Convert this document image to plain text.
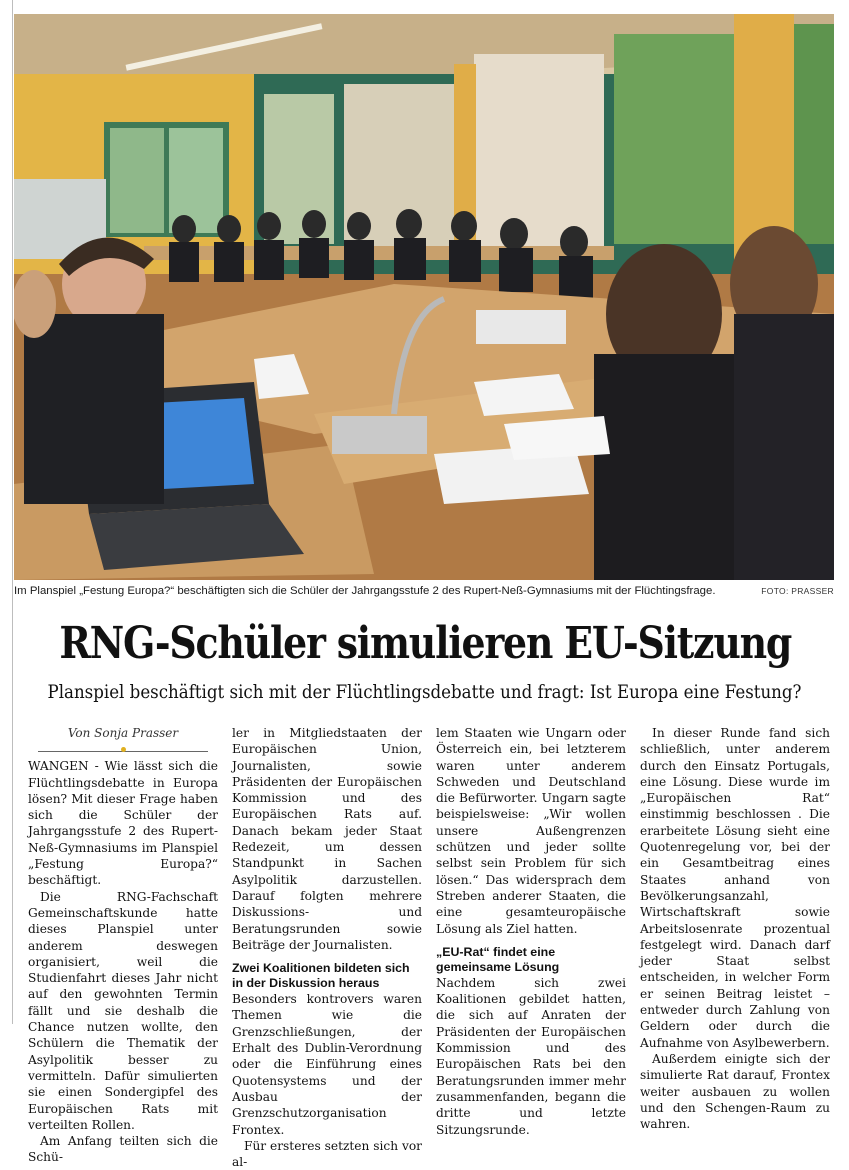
Im Planspiel „Festung Europa?“ beschäftigten sich die Schüler der Jahrgangsstufe 2 des Rupert-Neß-Gymnasiums mit der Flüchtingsfrage.	FOTO: PRASSER
RNG-Schüler simulieren EU-Sitzung
Planspiel beschäftigt sich mit der Flüchtlingsdebatte und fragt: Ist Europa eine Festung?
Von Sonja Prasser

WANGEN - Wie lässt sich die Flüchtlingsdebatte in Europa lösen? Mit dieser Frage haben sich die Schüler der Jahrgangsstufe 2 des Rupert-Neß-Gymnasiums im Planspiel „Festung Europa?“ beschäftigt.

Die RNG-Fachschaft Gemeinschaftskunde hatte dieses Planspiel unter anderem deswegen organisiert, weil die Studienfahrt dieses Jahr nicht auf den gewohnten Termin fällt und sie deshalb die Chance nutzen wollte, den Schülern die Thematik der Asylpolitik besser zu vermitteln. Dafür simulierten sie einen Sondergipfel des Europäischen Rats mit verteilten Rollen.

Am Anfang teilten sich die Schü-

ler in Mitgliedstaaten der Europäischen Union, Journalisten, sowie Präsidenten der Europäischen Kommission und des Europäischen Rats auf. Danach bekam jeder Staat Redezeit, um dessen Standpunkt in Sachen Asylpolitik darzustellen. Darauf folgten mehrere Diskussions- und Beratungsrunden sowie Beiträge der Journalisten.

Zwei Koalitionen bildeten sich in der Diskussion heraus

Besonders kontrovers waren Themen wie die Grenzschließungen, der Erhalt des Dublin-Verordnung oder die Einführung eines Quotensystems und der Ausbau der Grenzschutzorganisation Frontex.

Für ersteres setzten sich vor al-

lem Staaten wie Ungarn oder Österreich ein, bei letzterem waren unter anderem Schweden und Deutschland die Befürworter. Ungarn sagte beispielsweise: „Wir wollen unsere Außengrenzen schützen und jeder sollte selbst sein Problem für sich lösen.“ Das widersprach dem Streben anderer Staaten, die eine gesamteuropäische Lösung als Ziel hatten.

„EU-Rat“ findet eine gemeinsame Lösung

Nachdem sich zwei Koalitionen gebildet hatten, die sich auf Anraten der Präsidenten der Europäischen Kommission und des Europäischen Rats bei den Beratungsrunden immer mehr zusammenfanden, begann die dritte und letzte Sitzungsrunde.

In dieser Runde fand sich schließlich, unter anderem durch den Einsatz Portugals, eine Lösung. Diese wurde im „Europäischen Rat“ einstimmig beschlossen . Die erarbeitete Lösung sieht eine Quotenregelung vor, bei der ein Gesamtbeitrag eines Staates anhand von Bevölkerungsanzahl, Wirtschaftskraft sowie Arbeitslosenrate prozentual festgelegt wird. Danach darf jeder Staat selbst entscheiden, in welcher Form er seinen Beitrag leistet – entweder durch Zahlung von Geldern oder durch die Aufnahme von Asylbewerbern.

Außerdem einigte sich der simulierte Rat darauf, Frontex weiter ausbauen zu wollen und den Schengen-Raum zu wahren.
